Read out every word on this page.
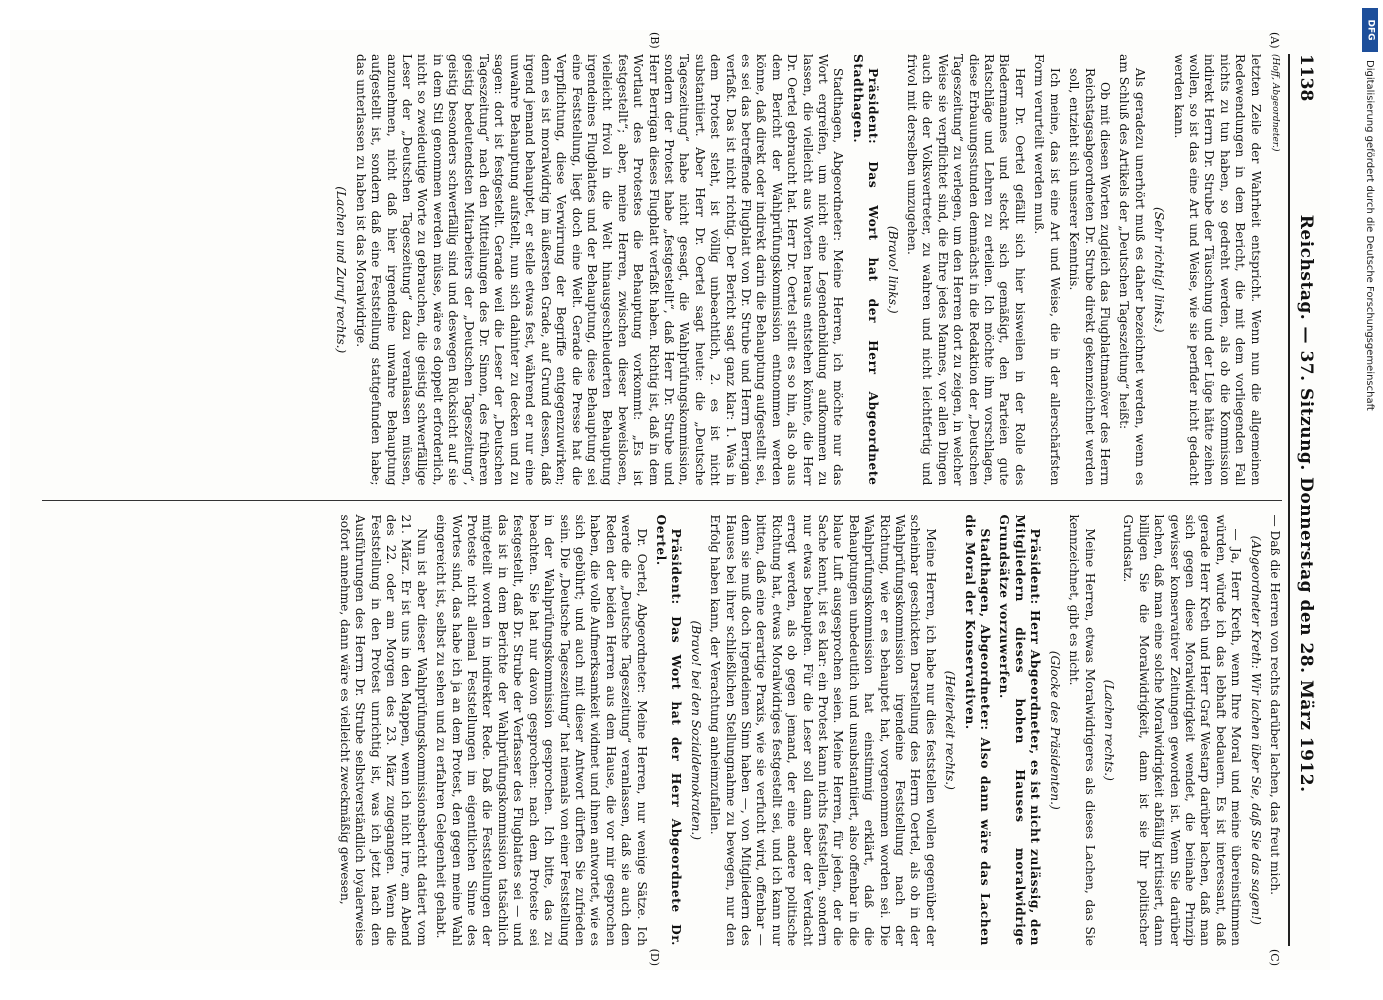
1138
Reichstag. — 37. Sitzung. Donnerstag den 28. März 1912.
(A)
(B)

(Hoff, Abgeordneter.)

letzten Zeile der Wahrheit entspricht. Wenn nun die allgemeinen Redewendungen in dem Bericht, die mit dem vorliegenden Fall nichts zu tun haben, so gedreht werden, als ob die Kommission indirekt Herrn Dr. Strube der Täuschung und der Lüge hätte zeihen wollen, so ist das eine Art und Weise, wie sie perfider nicht gedacht werden kann.

(Sehr richtig! links.)

Als geradezu unerhört muß es daher bezeichnet werden, wenn es am Schluß des Artikels der „Deutschen Tageszeitung“ heißt:

Ob mit diesen Worten zugleich das Flugblattmanöver des Herrn Reichstagsabgeordneten Dr. Strube direkt gekennzeichnet werden soll, entzieht sich unserer Kenntnis.

Ich meine, das ist eine Art und Weise, die in der allerschärfsten Form verurteilt werden muß.

Herr Dr. Oertel gefällt sich hier bisweilen in der Rolle des Biedermannes und steckt sich gemäßigt, den Parteien gute Ratschläge und Lehren zu erteilen. Ich möchte ihm vorschlagen, diese Erbauungsstunden demnächst in die Redaktion der „Deutschen Tageszeitung“ zu verlegen, um den Herren dort zu zeigen, in welcher Weise sie verpflichtet sind, die Ehre jedes Mannes, vor allen Dingen auch die der Volksvertreter, zu wahren und nicht leichtfertig und frivol mit derselben umzugehen.

(Bravo! links.)

Präsident: Das Wort hat der Herr Abgeordnete Stadthagen.

Stadthagen, Abgeordneter: Meine Herren, ich möchte nur das Wort ergreifen, um nicht eine Legendenbildung aufkommen zu lassen, die vielleicht aus Worten heraus entstehen könnte, die Herr Dr. Oertel gebraucht hat. Herr Dr. Oertel stellt es so hin, als ob aus dem Bericht der Wahlprüfungskommission entnommen werden könne, daß direkt oder indirekt darin die Behauptung aufgestellt sei, es sei das betreffende Flugblatt von Dr. Strube und Herrn Berrigan verfaßt. Das ist nicht richtig. Der Bericht sagt ganz klar: 1. Was in dem Protest steht, ist völlig unbeachtlich, 2. es ist nicht substantiiert. Aber Herr Dr. Oertel sagt heute: die „Deutsche Tageszeitung“ habe nicht gesagt, die Wahlprüfungskommission, sondern der Protest habe „festgestellt“, daß Herr Dr. Strube und Herr Berrigan dieses Flugblatt verfaßt haben. Richtig ist, daß in dem Wortlaut des Protestes die Behauptung vorkommt: „Es ist festgestellt“; aber, meine Herren, zwischen dieser beweislosen, vielleicht frivol in die Welt hinausgeschleuderten Behauptung irgendeines Flugblattes und der Behauptung, diese Behauptung sei eine Feststellung, liegt doch eine Welt. Gerade die Presse hat die Verpflichtung, diese Verwirrung der Begriffe entgegenzuwirken; denn es ist moralwidrig im äußersten Grade, auf Grund dessen, daß irgend jemand behauptet, er stelle etwas fest, während er nur eine unwahre Behauptung aufstellt, nun sich dahinter zu decken und zu sagen: dort ist festgestellt. Gerade weil die Leser der „Deutschen Tageszeitung“ nach den Mitteilungen des Dr. Simon, des früheren geistig bedeutendsten Mitarbeiters der „Deutschen Tageszeitung“, geistig besonders schwerfällig sind und deswegen Rücksicht auf sie in dem Stil genommen werden müsse, wäre es doppelt erforderlich, nicht so zweideutige Worte zu gebrauchen, die geistig schwerfällige Leser der „Deutschen Tageszeitung“ dazu veranlassen müssen, anzunehmen, nicht daß hier irgendeine unwahre Behauptung aufgestellt ist, sondern daß eine Feststellung stattgefunden habe; das unterlassen zu haben ist das Moralwidrige.

(Lachen und Zuruf rechts.)

(C)
(D)

— Daß die Herren von rechts darüber lachen, das freut mich.

(Abgeordneter Kreth: Wir lachen über Sie, daß Sie das sagen!)

— Ja, Herr Kreth, wenn Ihre Moral und meine übereinstimmen würden, würde ich das lebhaft bedauern. Es ist interessant, daß gerade Herr Kreth und Herr Graf Westarp darüber lachen, daß man sich gegen diese Moralwidrigkeit wendet, die beinahe Prinzip gewisser konservativer Zeitungen geworden ist. Wenn Sie darüber lachen, daß man eine solche Moralwidrigkeit abfällig kritisiert, dann billigen Sie die Moralwidrigkeit, dann ist sie Ihr politischer Grundsatz.

(Lachen rechts.)

Meine Herren, etwas Moralwidrigeres als dieses Lachen, das Sie kennzeichnet, gibt es nicht.

(Glocke des Präsidenten.)

Präsident: Herr Abgeordneter, es ist nicht zulässig, den Mitgliedern dieses hohen Hauses moralwidrige Grundsätze vorzuwerfen.

Stadthagen, Abgeordneter: Also dann wäre das Lachen die Moral der Konservativen.

(Heiterkeit rechts.)

Meine Herren, ich habe nur dies feststellen wollen gegenüber der scheinbar geschickten Darstellung des Herrn Oertel, als ob in der Wahlprüfungskommission irgendeine Feststellung nach der Richtung, wie er es behauptet hat, vorgenommen worden sei. Die Wahlprüfungskommission hat einstimmig erklärt, daß die Behauptungen unbedeutlich und unsubstantiiert, also offenbar in die blaue Luft ausgesprochen seien. Meine Herren, für jeden, der die Sache kennt, ist es klar: ein Protest kann nichts feststellen, sondern nur etwas behaupten. Für die Leser soll dann aber der Verdacht erregt werden, als ob gegen jemand, der eine andere politische Richtung hat, etwas Moralwidriges festgestellt sei, und ich kann nur bitten, daß eine derartige Praxis, wie sie verfucht wird, offenbar — denn sie muß doch irgendeinen Sinn haben —, von Mitgliedern des Hauses bei ihrer schließlichen Stellungnahme zu bewegen, nur den Erfolg haben kann, der Verachtung anheimzufallen.

(Bravo! bei den Sozialdemokraten.)

Präsident: Das Wort hat der Herr Abgeordnete Dr. Oertel.

Dr. Oertel, Abgeordneter: Meine Herren, nur wenige Sätze. Ich werde die „Deutsche Tageszeitung“ veranlassen, daß sie auch den Reden der beiden Herren aus dem Hause, die vor mir gesprochen haben, die volle Aufmerksamkeit widmet und ihnen antwortet, wie es sich gebührt; und auch mit dieser Antwort dürften Sie zufrieden sein. Die „Deutsche Tageszeitung“ hat niemals von einer Feststellung in der Wahlprüfungskommission gesprochen. Ich bitte, das zu beachten. Sie hat nur davon gesprochen: nach dem Proteste sei festgestellt, daß Dr. Strube der Verfasser des Flugblattes sei — und das ist in dem Berichte der Wahlprüfungskommission tatsächlich mitgeteilt worden in indirekter Rede. Daß die Feststellungen der Proteste nicht allemal Feststellungen im eigentlichen Sinne des Wortes sind, das habe ich ja an dem Protest, den gegen meine Wahl eingereicht ist, selbst zu sehen und zu erfahren Gelegenheit gehabt.

Nun ist aber dieser Wahlprüfungskommissionsbericht datiert vom 21. März. Er ist uns in den Mappen, wenn ich nicht irre, am Abend des 22. oder am Morgen des 23. März zugegangen. Wenn die Feststellung in den Protest unrichtig ist, was ich jetzt nach den Ausführungen des Herrn Dr. Strube selbstverständlich loyalerweise sofort annehme, dann wäre es vielleicht zweckmäßig gewesen,

DFG
Digitalisierung gefördert durch die Deutsche Forschungsgemeinschaft
